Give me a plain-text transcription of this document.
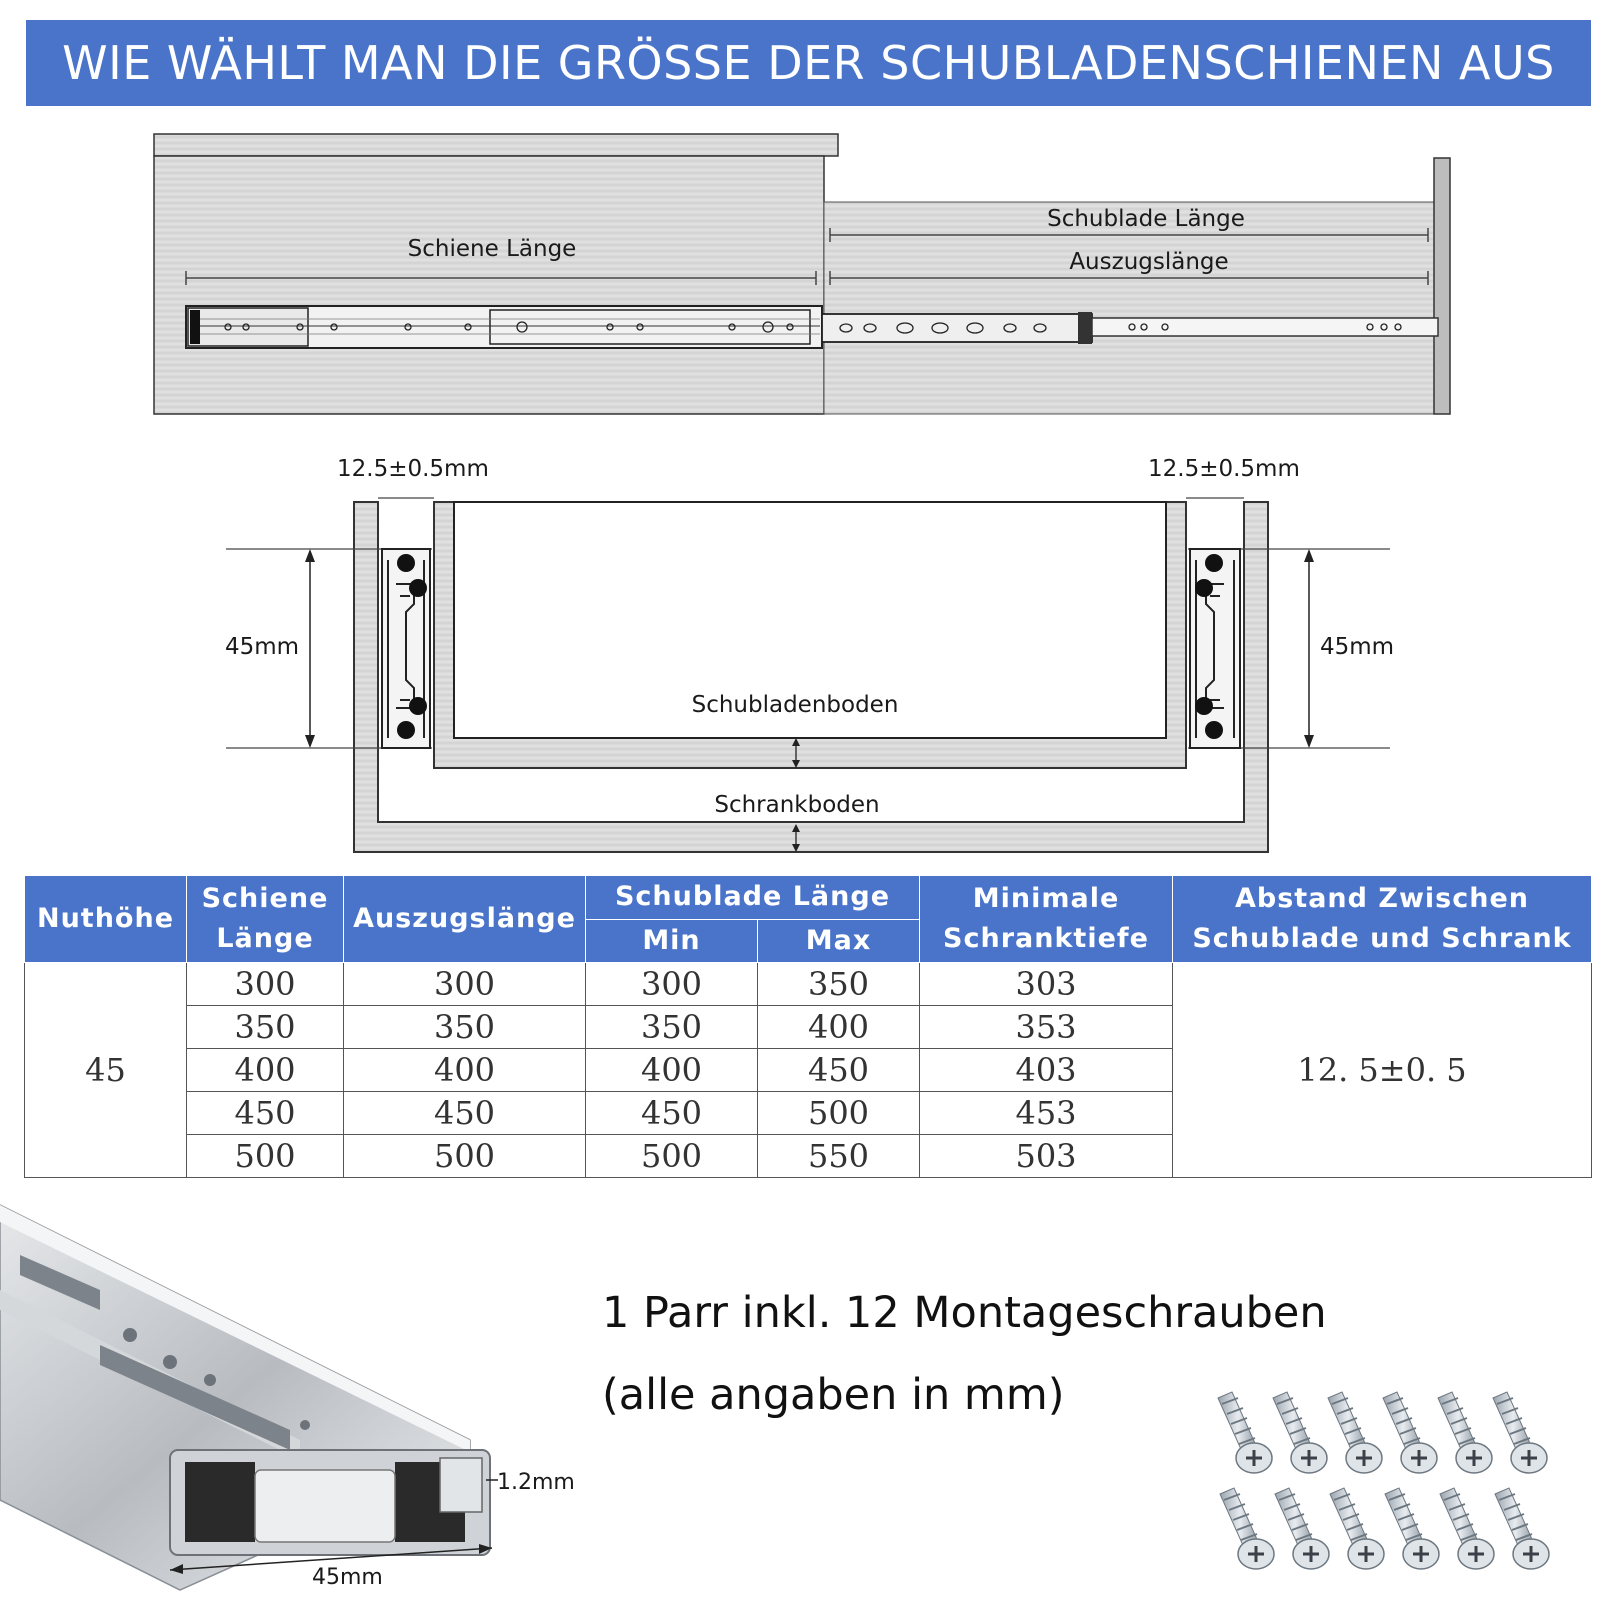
WIE WÄHLT MAN DIE GRÖSSE DER SCHUBLADENSCHIENEN AUS
Schiene Länge
Schublade Länge
Auszugslänge
12.5±0.5mm	12.5±0.5mm
45mm	45mm
Schubladenboden
Schrankboden
Nuthöhe	Schiene Länge	Auszugslänge	Schublade Länge		Minimale Schranktiefe	Abstand Zwischen Schublade und Schrank
			Min	Max		
45	300	300	300	350	303	12. 5±0. 5
	350	350	350	400	353	
	400	400	400	450	403	
	450	450	450	500	453	
	500	500	500	550	503	
1.2mm
45mm
1 Parr inkl. 12 Montageschrauben
(alle angaben in mm)
